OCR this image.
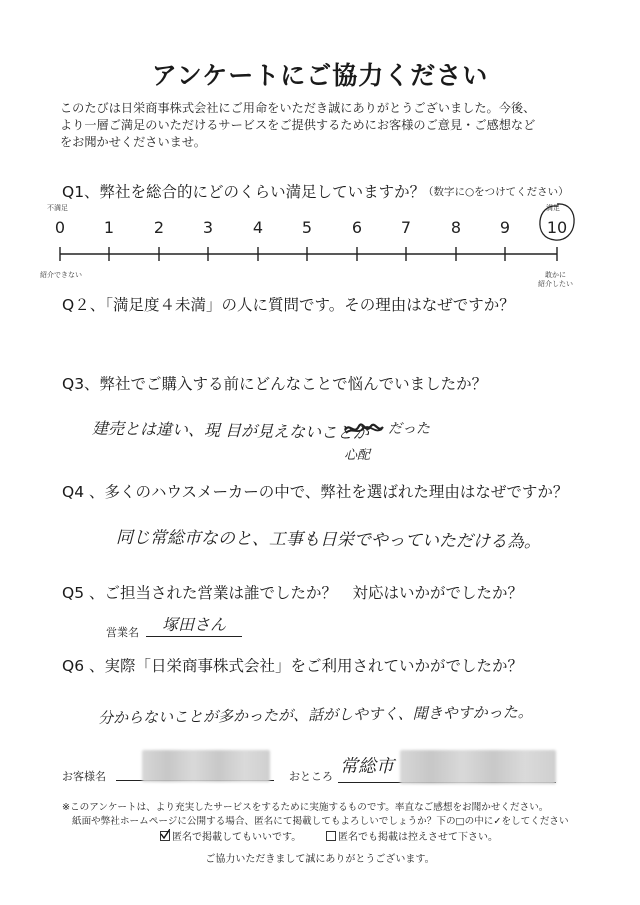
アンケートにご協力ください
このたびは日栄商事株式会社にご用命をいただき誠にありがとうございました。今後、
より一層ご満足のいただけるサービスをご提供するためにお客様のご意見・ご感想など
をお聞かせくださいませ。
Q1、弊社を総合的にどのくらい満足していますか？
（数字に○をつけてください）
不満足
紹介できない
満足
敢かに
紹介したい
0	1	2	3	4	5	6	7	8	9	10
Q２、「満足度４未満」の人に質問です。その理由はなぜですか？
Q3、弊社でご購入する前にどんなことで悩んでいましたか？
建売とは違い、現 目が見えないことが だった
心配
Q4 、多くのハウスメーカーの中で、弊社を選ばれた理由はなぜですか？
同じ常総市なのと、工事も日栄でやっていただける為。
Q5 、ご担当された営業は誰でしたか？　対応はいかがでしたか？
営業名 塚田さん
Q6 、実際「日栄商事株式会社」をご利用されていかがでしたか？
分からないことが多かったが、話がしやすく、聞きやすかった。
お客様名	おところ 常総市
※このアンケートは、より充実したサービスをするために実施するものです。率直なご感想をお聞かせください。
紙面や弊社ホームページに公開する場合、匿名にて掲載してもよろしいでしょうか？下の□の中に✓をしてください
匿名で掲載してもいいです。	匿名でも掲載は控えさせて下さい。
ご協力いただきまして誠にありがとうございます。
